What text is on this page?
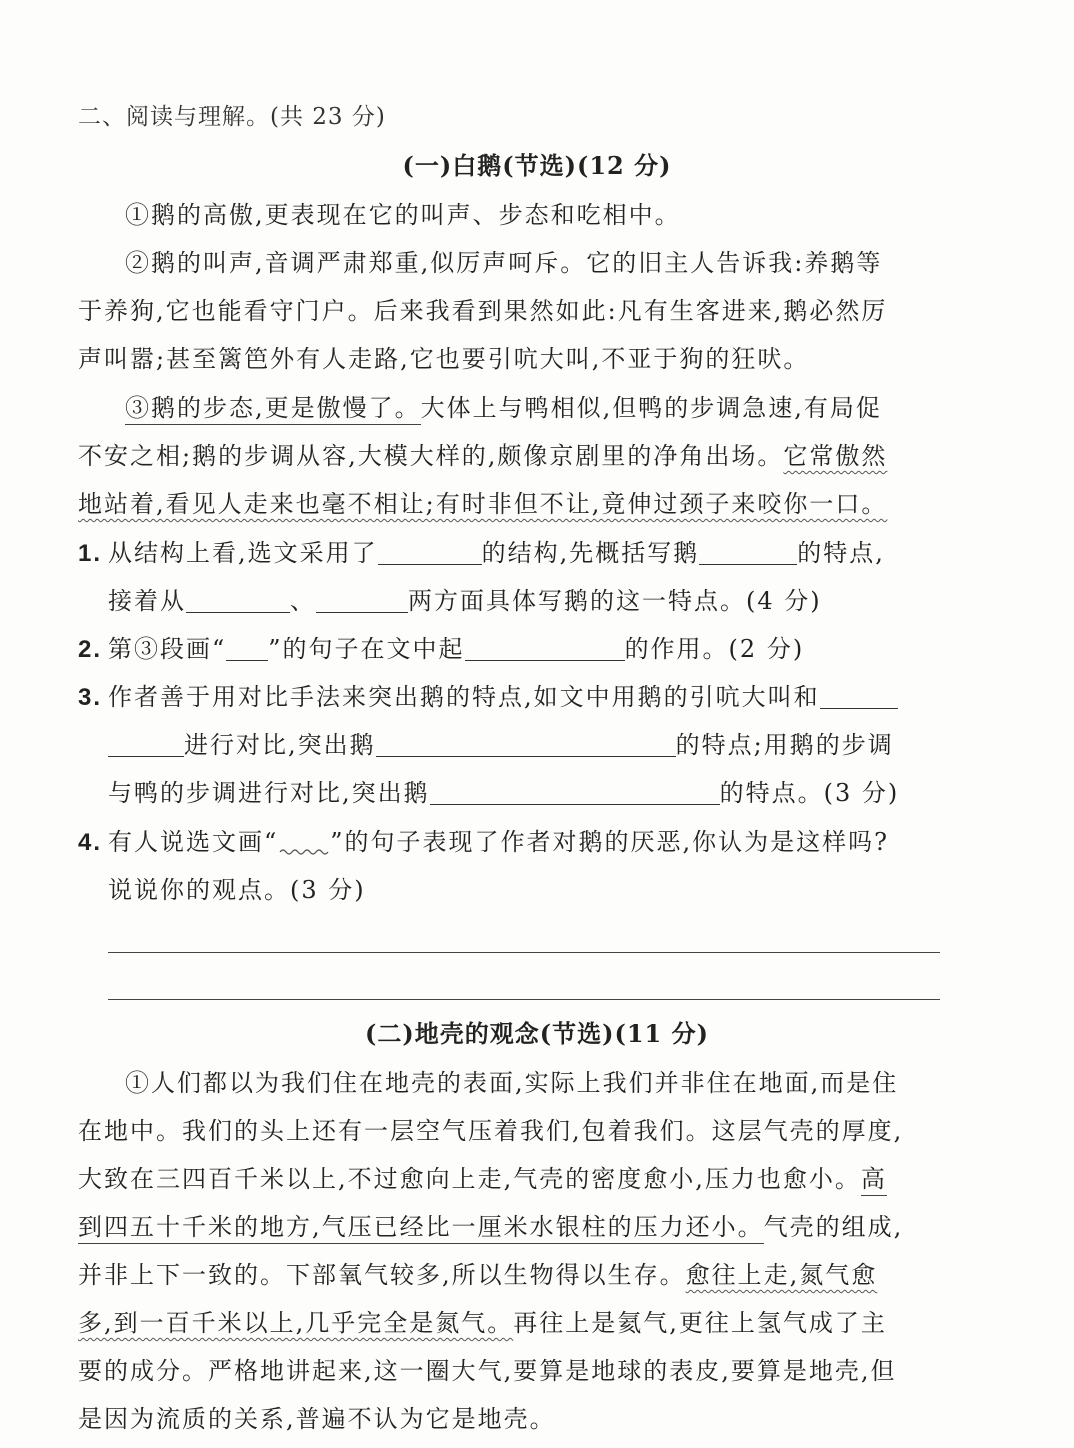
二、阅读与理解。(共 23 分)
(一)白鹅(节选)(12 分)
①鹅的高傲,更表现在它的叫声、步态和吃相中。
②鹅的叫声,音调严肃郑重,似厉声呵斥。它的旧主人告诉我:养鹅等
于养狗,它也能看守门户。后来我看到果然如此:凡有生客进来,鹅必然厉
声叫嚣;甚至篱笆外有人走路,它也要引吭大叫,不亚于狗的狂吠。
③鹅的步态,更是傲慢了。大体上与鸭相似,但鸭的步调急速,有局促
不安之相;鹅的步调从容,大模大样的,颇像京剧里的净角出场。它常傲然
地站着,看见人走来也毫不相让;有时非但不让,竟伸过颈子来咬你一口。
1. 从结构上看,选文采用了	的结构,先概括写鹅	的特点,
接着从	、	两方面具体写鹅的这一特点。(4 分)
2. 第③段画“ ”的句子在文中起	的作用。(2 分)
3. 作者善于用对比手法来突出鹅的特点,如文中用鹅的引吭大叫和
进行对比,突出鹅	的特点;用鹅的步调
与鸭的步调进行对比,突出鹅	的特点。(3 分)
4. 有人说选文画“ ”的句子表现了作者对鹅的厌恶,你认为是这样吗?
说说你的观点。(3 分)
(二)地壳的观念(节选)(11 分)
①人们都以为我们住在地壳的表面,实际上我们并非住在地面,而是住
在地中。我们的头上还有一层空气压着我们,包着我们。这层气壳的厚度,
大致在三四百千米以上,不过愈向上走,气壳的密度愈小,压力也愈小。高
到四五十千米的地方,气压已经比一厘米水银柱的压力还小。气壳的组成,
并非上下一致的。下部氧气较多,所以生物得以生存。愈往上走,氮气愈
多,到一百千米以上,几乎完全是氮气。再往上是氦气,更往上氢气成了主
要的成分。严格地讲起来,这一圈大气,要算是地球的表皮,要算是地壳,但
是因为流质的关系,普遍不认为它是地壳。
